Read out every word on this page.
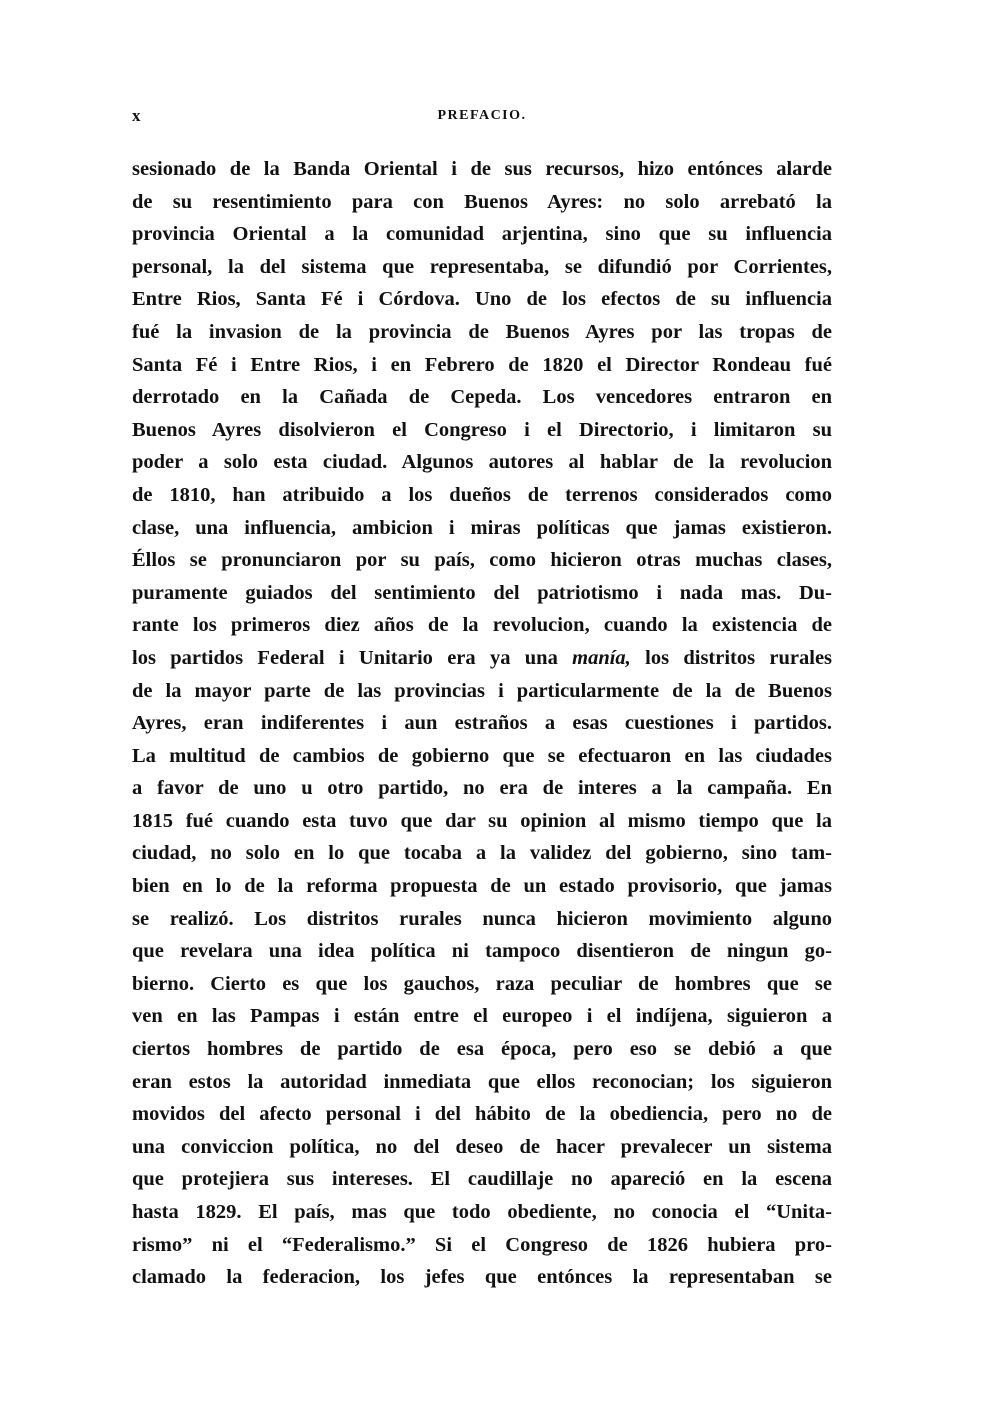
x	PREFACIO.
sesionado de la Banda Oriental i de sus recursos, hizo entónces alarde
de su resentimiento para con Buenos Ayres: no solo arrebató la
provincia Oriental a la comunidad arjentina, sino que su influencia
personal, la del sistema que representaba, se difundió por Corrientes,
Entre Rios, Santa Fé i Córdova. Uno de los efectos de su influencia
fué la invasion de la provincia de Buenos Ayres por las tropas de
Santa Fé i Entre Rios, i en Febrero de 1820 el Director Rondeau fué
derrotado en la Cañada de Cepeda. Los vencedores entraron en
Buenos Ayres disolvieron el Congreso i el Directorio, i limitaron su
poder a solo esta ciudad. Algunos autores al hablar de la revolucion
de 1810, han atribuido a los dueños de terrenos considerados como
clase, una influencia, ambicion i miras políticas que jamas existieron.
Éllos se pronunciaron por su país, como hicieron otras muchas clases,
puramente guiados del sentimiento del patriotismo i nada mas. Du-
rante los primeros diez años de la revolucion, cuando la existencia de
los partidos Federal i Unitario era ya una manía, los distritos rurales
de la mayor parte de las provincias i particularmente de la de Buenos
Ayres, eran indiferentes i aun estraños a esas cuestiones i partidos.
La multitud de cambios de gobierno que se efectuaron en las ciudades
a favor de uno u otro partido, no era de interes a la campaña. En
1815 fué cuando esta tuvo que dar su opinion al mismo tiempo que la
ciudad, no solo en lo que tocaba a la validez del gobierno, sino tam-
bien en lo de la reforma propuesta de un estado provisorio, que jamas
se realizó. Los distritos rurales nunca hicieron movimiento alguno
que revelara una idea política ni tampoco disentieron de ningun go-
bierno. Cierto es que los gauchos, raza peculiar de hombres que se
ven en las Pampas i están entre el europeo i el indíjena, siguieron a
ciertos hombres de partido de esa época, pero eso se debió a que
eran estos la autoridad inmediata que ellos reconocian; los siguieron
movidos del afecto personal i del hábito de la obediencia, pero no de
una conviccion política, no del deseo de hacer prevalecer un sistema
que protejiera sus intereses. El caudillaje no apareció en la escena
hasta 1829. El país, mas que todo obediente, no conocia el “Unita-
rismo” ni el “Federalismo.” Si el Congreso de 1826 hubiera pro-
clamado la federacion, los jefes que entónces la representaban se
